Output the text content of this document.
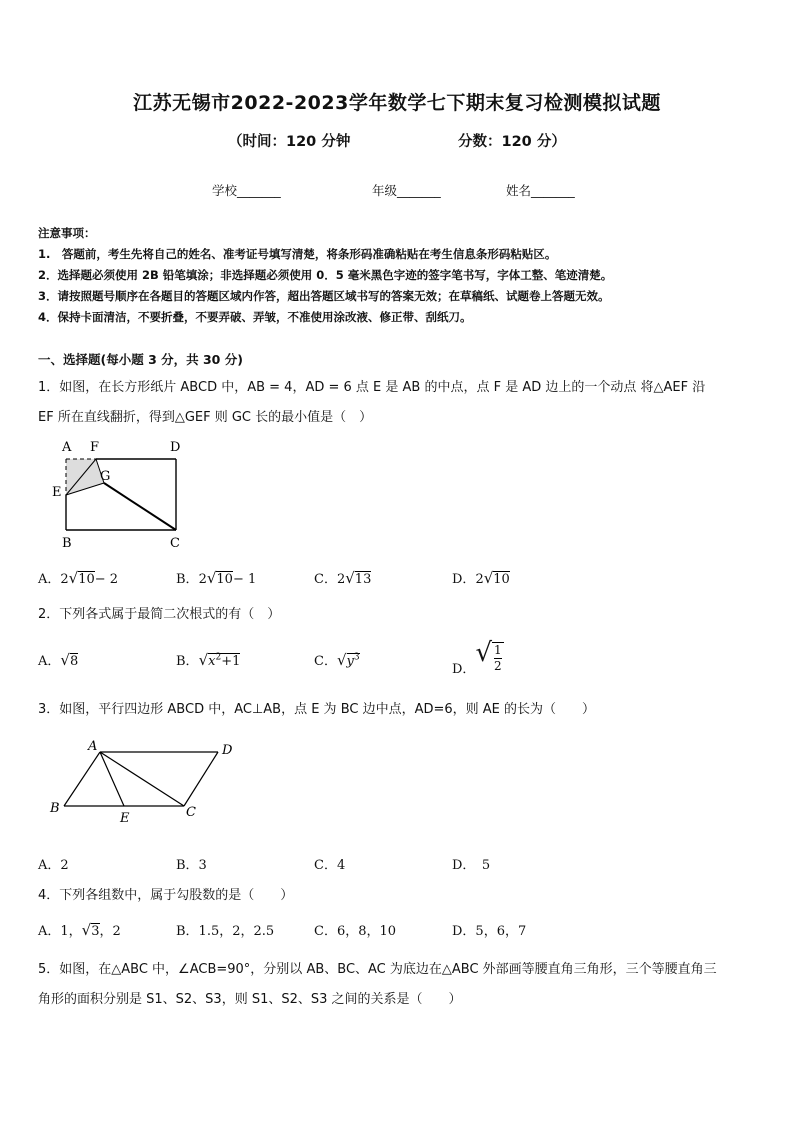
江苏无锡市2022-2023学年数学七下期末复习检测模拟试题
（时间：120 分钟	分数：120 分）
学校_______	年级_______	姓名_______
注意事项：
1.　答题前，考生先将自己的姓名、准考证号填写清楚，将条形码准确粘贴在考生信息条形码粘贴区。
2．选择题必须使用 2B 铅笔填涂；非选择题必须使用 0．5 毫米黑色字迹的签字笔书写，字体工整、笔迹清楚。
3．请按照题号顺序在各题目的答题区域内作答，超出答题区域书写的答案无效；在草稿纸、试题卷上答题无效。
4．保持卡面清洁，不要折叠，不要弄破、弄皱，不准使用涂改液、修正带、刮纸刀。
一、选择题(每小题 3 分，共 30 分)
1．如图，在长方形纸片 ABCD 中，AB = 4，AD = 6 点 E 是 AB 的中点，点 F 是 AD 边上的一个动点 将△AEF 沿
EF 所在直线翻折，得到△GEF 则 GC 长的最小值是（　）
A F	D
G
E
B	C
A．2√10− 2	B．2√10− 1	C．2√13	D．2√10
2．下列各式属于最简二次根式的有（　）
A．√8	B．$√x^2+1$	C．$√y^3$
D．√ $\frac{1}{2}$
3．如图，平行四边形 ABCD 中，AC⊥AB，点 E 为 BC 边中点，AD=6，则 AE 的长为（　　）
A	D
B
E	C
A．2	B．3	C．4	D．　5
4．下列各组数中，属于勾股数的是（　　）
A．1，√3，2	B．1.5，2，2.5	C．6，8，10	D．5，6，7
5．如图，在△ABC 中，∠ACB=90°，分别以 AB、BC、AC 为底边在△ABC 外部画等腰直角三角形，三个等腰直角三
角形的面积分别是 S1、S2、S3，则 S1、S2、S3 之间的关系是（　　）
